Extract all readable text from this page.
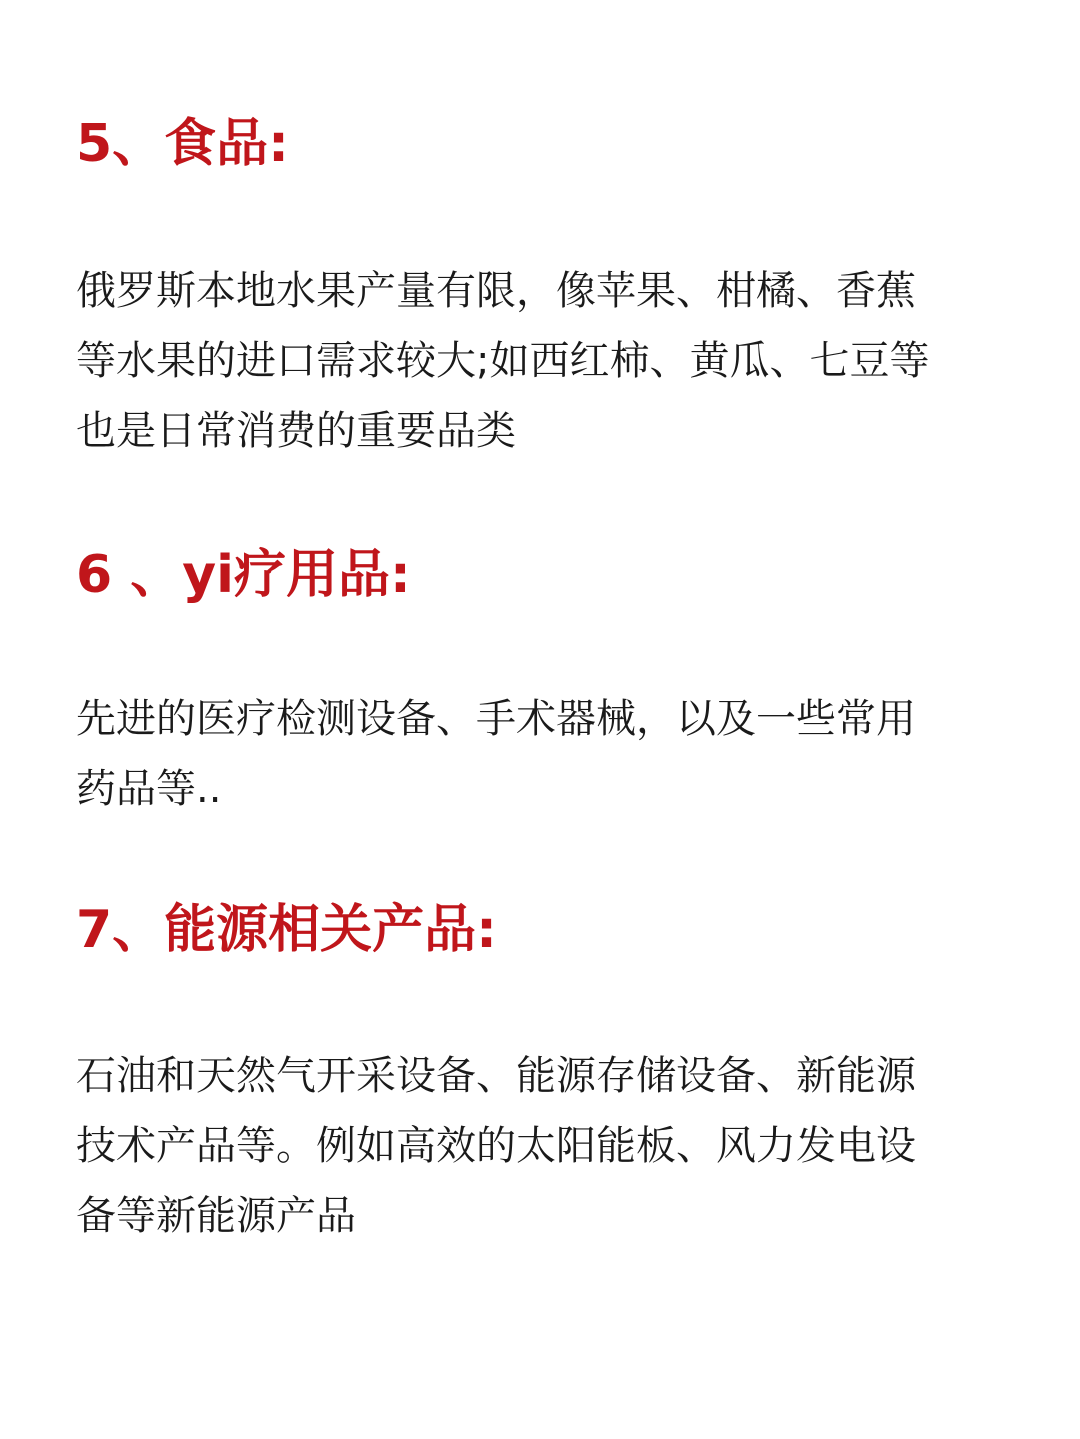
5、食品:

俄罗斯本地水果产量有限，像苹果、柑橘、香蕉
等水果的进口需求较大;如西红柿、黄瓜、七豆等
也是日常消费的重要品类

6 、yi疗用品:

先进的医疗检测设备、手术器械，以及一些常用
药品等..

7、能源相关产品:

石油和天然气开采设备、能源存储设备、新能源
技术产品等。例如高效的太阳能板、风力发电设
备等新能源产品
